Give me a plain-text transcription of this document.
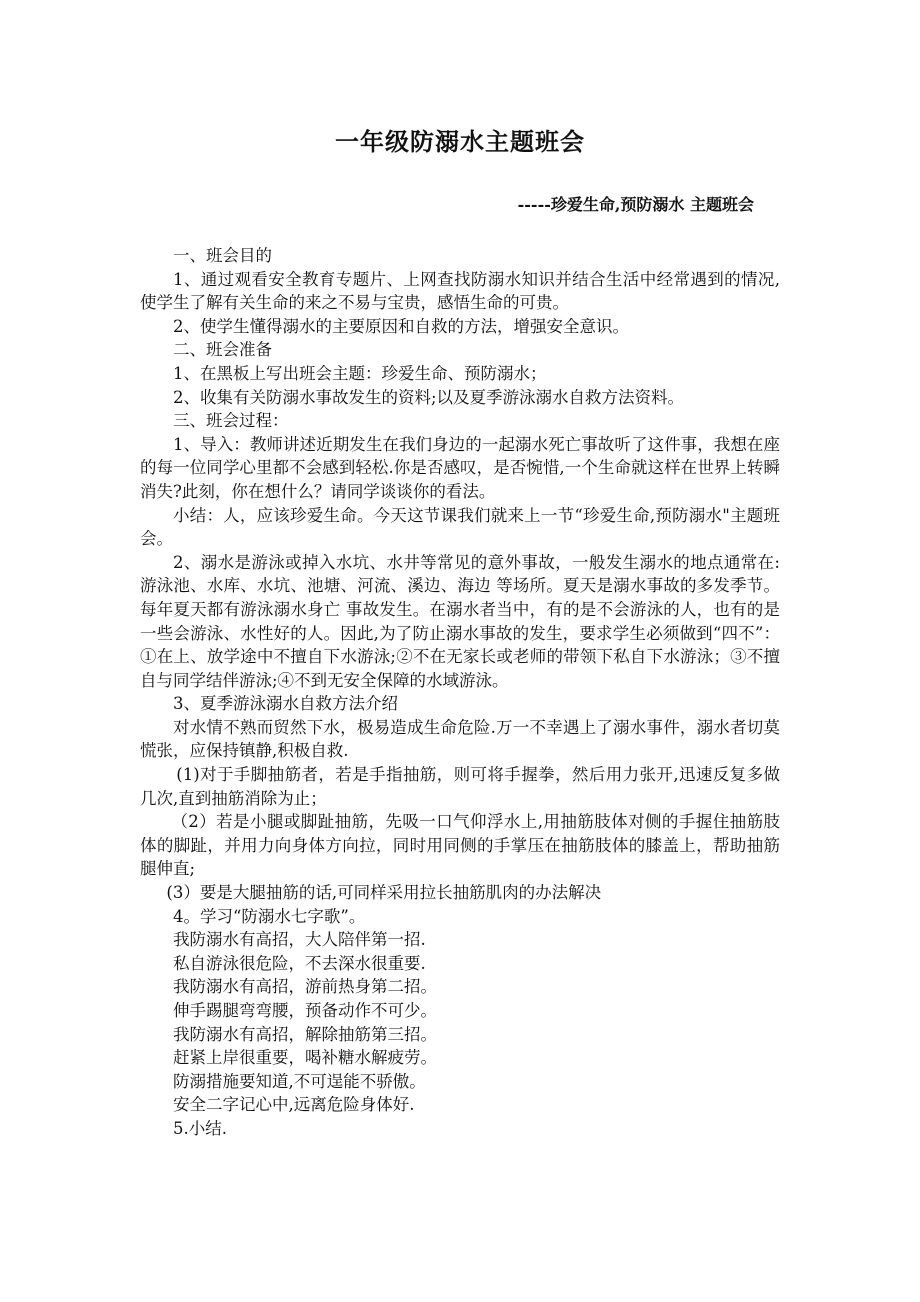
一年级防溺水主题班会
-----珍爱生命,预防溺水 主题班会

一、班会目的

1、通过观看安全教育专题片、上网查找防溺水知识并结合生活中经常遇到的情况,使学生了解有关生命的来之不易与宝贵，感悟生命的可贵。

2、使学生懂得溺水的主要原因和自救的方法，增强安全意识。

二、班会准备

1、在黑板上写出班会主题：珍爱生命、预防溺水；

2、收集有关防溺水事故发生的资料;以及夏季游泳溺水自救方法资料。

三、班会过程：

1、导入：教师讲述近期发生在我们身边的一起溺水死亡事故听了这件事，我想在座的每一位同学心里都不会感到轻松.你是否感叹，是否惋惜,一个生命就这样在世界上转瞬消失?此刻，你在想什么？请同学谈谈你的看法。

小结：人，应该珍爱生命。今天这节课我们就来上一节“珍爱生命,预防溺水"主题班会。

2、溺水是游泳或掉入水坑、水井等常见的意外事故，一般发生溺水的地点通常在:游泳池、水库、水坑、池塘、河流、溪边、海边 等场所。夏天是溺水事故的多发季节。每年夏天都有游泳溺水身亡 事故发生。在溺水者当中，有的是不会游泳的人，也有的是一些会游泳、水性好的人。因此,为了防止溺水事故的发生，要求学生必须做到“四不”：①在上、放学途中不擅自下水游泳;②不在无家长或老师的带领下私自下水游泳；③不擅自与同学结伴游泳;④不到无安全保障的水域游泳。

3、夏季游泳溺水自救方法介绍

对水情不熟而贸然下水，极易造成生命危险.万一不幸遇上了溺水事件，溺水者切莫慌张，应保持镇静,积极自救.

(1)对于手脚抽筋者，若是手指抽筋，则可将手握拳，然后用力张开,迅速反复多做几次,直到抽筋消除为止；

（2）若是小腿或脚趾抽筋，先吸一口气仰浮水上,用抽筋肢体对侧的手握住抽筋肢体的脚趾，并用力向身体方向拉，同时用同侧的手掌压在抽筋肢体的膝盖上，帮助抽筋腿伸直;

(3）要是大腿抽筋的话,可同样采用拉长抽筋肌肉的办法解决

4。学习“防溺水七字歌”。

我防溺水有高招，大人陪伴第一招.

私自游泳很危险，不去深水很重要.

我防溺水有高招，游前热身第二招。

伸手踢腿弯弯腰，预备动作不可少。

我防溺水有高招，解除抽筋第三招。

赶紧上岸很重要，喝补糖水解疲劳。

防溺措施要知道,不可逞能不骄傲。

安全二字记心中,远离危险身体好.

5.小结.
